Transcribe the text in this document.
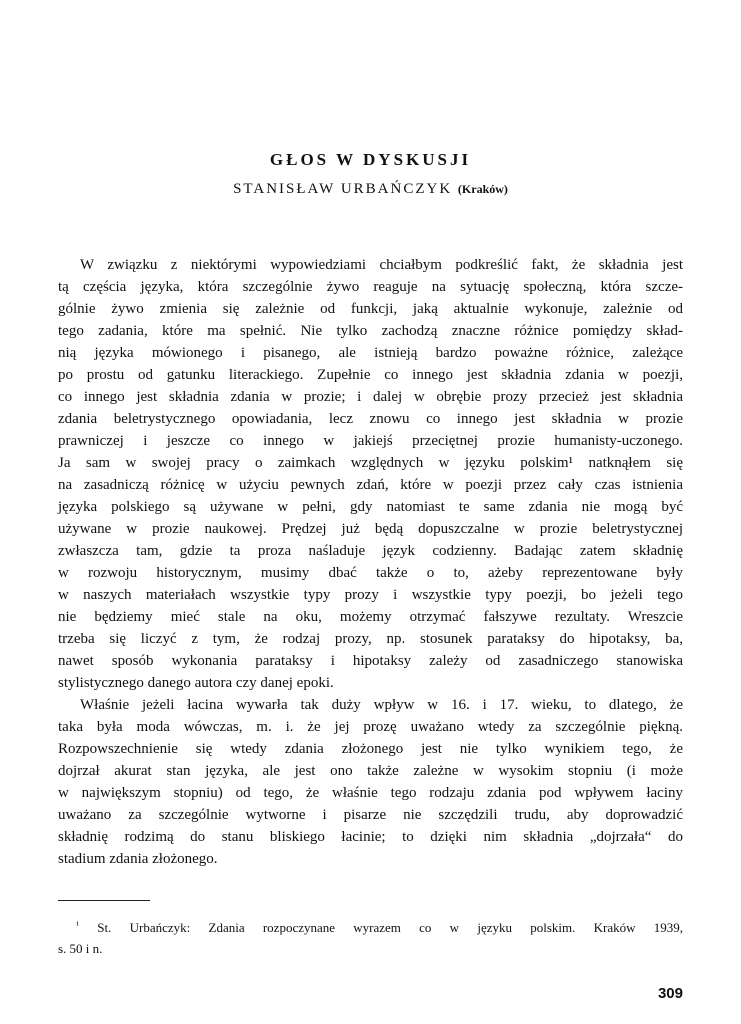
GŁOS W DYSKUSJI
STANISŁAW URBAŃCZYK (Kraków)
W związku z niektórymi wypowiedziami chciałbym podkreślić fakt, że składnia jest
tą częścia języka, która szczególnie żywo reaguje na sytuację społeczną, która szcze-
gólnie żywo zmienia się zależnie od funkcji, jaką aktualnie wykonuje, zależnie od
tego zadania, które ma spełnić. Nie tylko zachodzą znaczne różnice pomiędzy skład-
nią języka mówionego i pisanego, ale istnieją bardzo poważne różnice, zależące
po prostu od gatunku literackiego. Zupełnie co innego jest składnia zdania w poezji,
co innego jest składnia zdania w prozie; i dalej w obrębie prozy przecież jest składnia
zdania beletrystycznego opowiadania, lecz znowu co innego jest składnia w prozie
prawniczej i jeszcze co innego w jakiejś przeciętnej prozie humanisty-uczonego.
Ja sam w swojej pracy o zaimkach względnych w języku polskim¹ natknąłem się
na zasadniczą różnicę w użyciu pewnych zdań, które w poezji przez cały czas istnienia
języka polskiego są używane w pełni, gdy natomiast te same zdania nie mogą być
używane w prozie naukowej. Prędzej już będą dopuszczalne w prozie beletrystycznej
zwłaszcza tam, gdzie ta proza naśladuje język codzienny. Badając zatem składnię
w rozwoju historycznym, musimy dbać także o to, ażeby reprezentowane były
w naszych materiałach wszystkie typy prozy i wszystkie typy poezji, bo jeżeli tego
nie będziemy mieć stale na oku, możemy otrzymać fałszywe rezultaty. Wreszcie
trzeba się liczyć z tym, że rodzaj prozy, np. stosunek parataksy do hipotaksy, ba,
nawet sposób wykonania parataksy i hipotaksy zależy od zasadniczego stanowiska
stylistycznego danego autora czy danej epoki.
Właśnie jeżeli łacina wywarła tak duży wpływ w 16. i 17. wieku, to dlatego, że
taka była moda wówczas, m. i. że jej prozę uważano wtedy za szczególnie piękną.
Rozpowszechnienie się wtedy zdania złożonego jest nie tylko wynikiem tego, że
dojrzał akurat stan języka, ale jest ono także zależne w wysokim stopniu (i może
w największym stopniu) od tego, że właśnie tego rodzaju zdania pod wpływem łaciny
uważano za szczególnie wytworne i pisarze nie szczędzili trudu, aby doprowadzić
składnię rodzimą do stanu bliskiego łacinie; to dzięki nim składnia „dojrzała“ do
stadium zdania złożonego.
$^{^1}$ St. Urbańczyk: Zdania rozpoczynane wyrazem co w języku polskim. Kraków 1939,
s. 50 i n.
309
